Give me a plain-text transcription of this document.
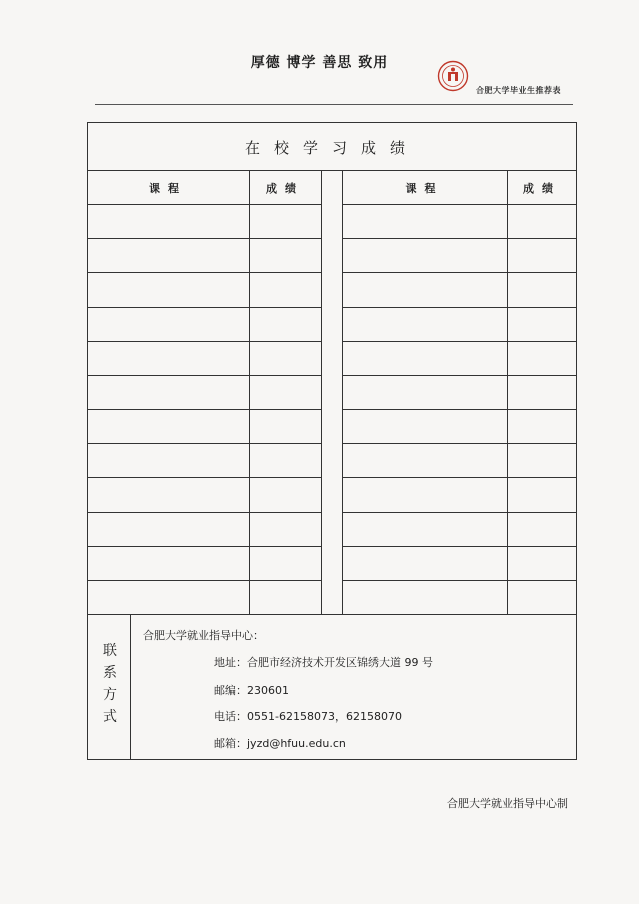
厚德 博学 善思 致用
合肥大学毕业生推荐表
在校学习成绩
课程	成绩	课程	成绩
联
系
方
式
合肥大学就业指导中心：
地址：合肥市经济技术开发区锦绣大道 99 号
邮编：230601
电话：0551-62158073，62158070
邮箱：jyzd@hfuu.edu.cn
合肥大学就业指导中心制
